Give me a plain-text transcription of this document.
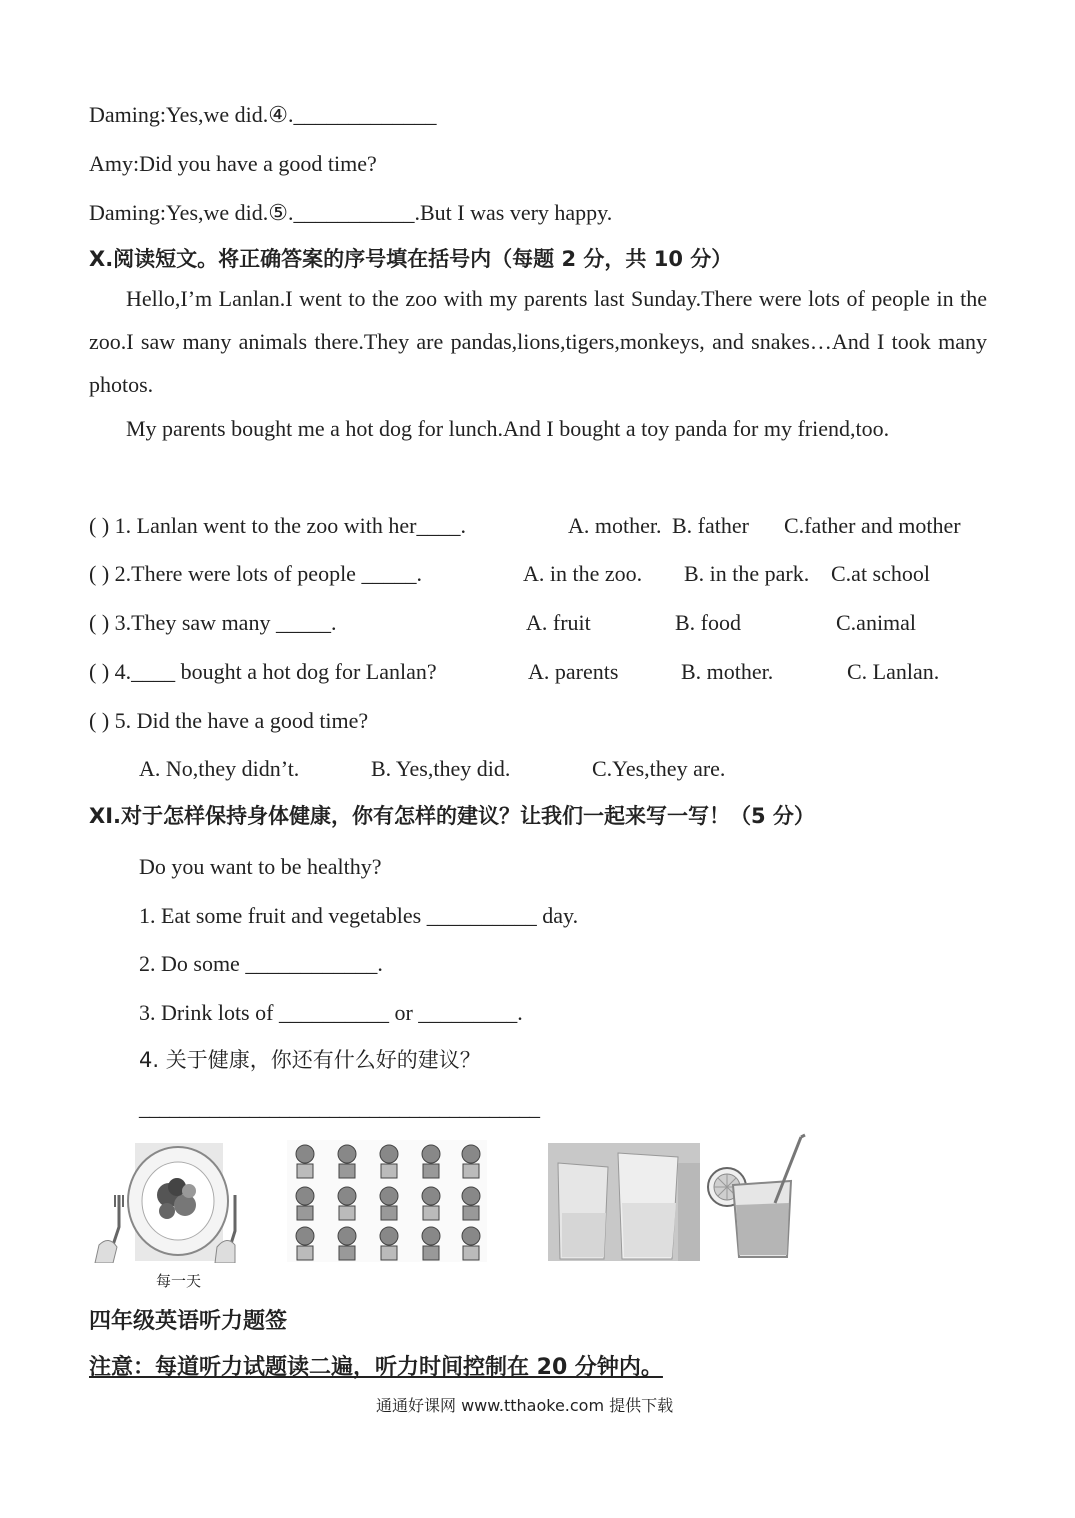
Daming:Yes,we did.④._____________
Amy:Did you have a good time?
Daming:Yes,we did.⑤.___________.But I was very happy.
X.阅读短文。将正确答案的序号填在括号内（每题 2 分，共 10 分）
Hello,I’m Lanlan.I went to the zoo with my parents last Sunday.There were lots of people in the zoo.I saw many animals there.They are pandas,lions,tigers,monkeys, and snakes…And I took many photos.
My parents bought me a hot dog for lunch.And I bought a toy panda for my friend,too.
( ) 1. Lanlan went to the zoo with her____.	A. mother. B. father C.father and mother
( ) 2.There were lots of people _____.	A. in the zoo. B. in the park. C.at school
( ) 3.They saw many _____.	A. fruit	B. food	C.animal
( ) 4.____ bought a hot dog for Lanlan?	A. parents	B. mother.	C. Lanlan.
( ) 5. Did the have a good time?
A. No,they didn’t.	B. Yes,they did.	C.Yes,they are.
XI.对于怎样保持身体健康，你有怎样的建议？让我们一起来写一写！（5 分）
Do you want to be healthy?
1. Eat some fruit and vegetables __________ day.
2. Do some ____________.
3. Drink lots of __________ or _________.
4. 关于健康，你还有什么好的建议？
________________________________________
每一天
四年级英语听力题签
注意：每道听力试题读二遍，听力时间控制在 20 分钟内。
通通好课网 www.tthaoke.com 提供下载
